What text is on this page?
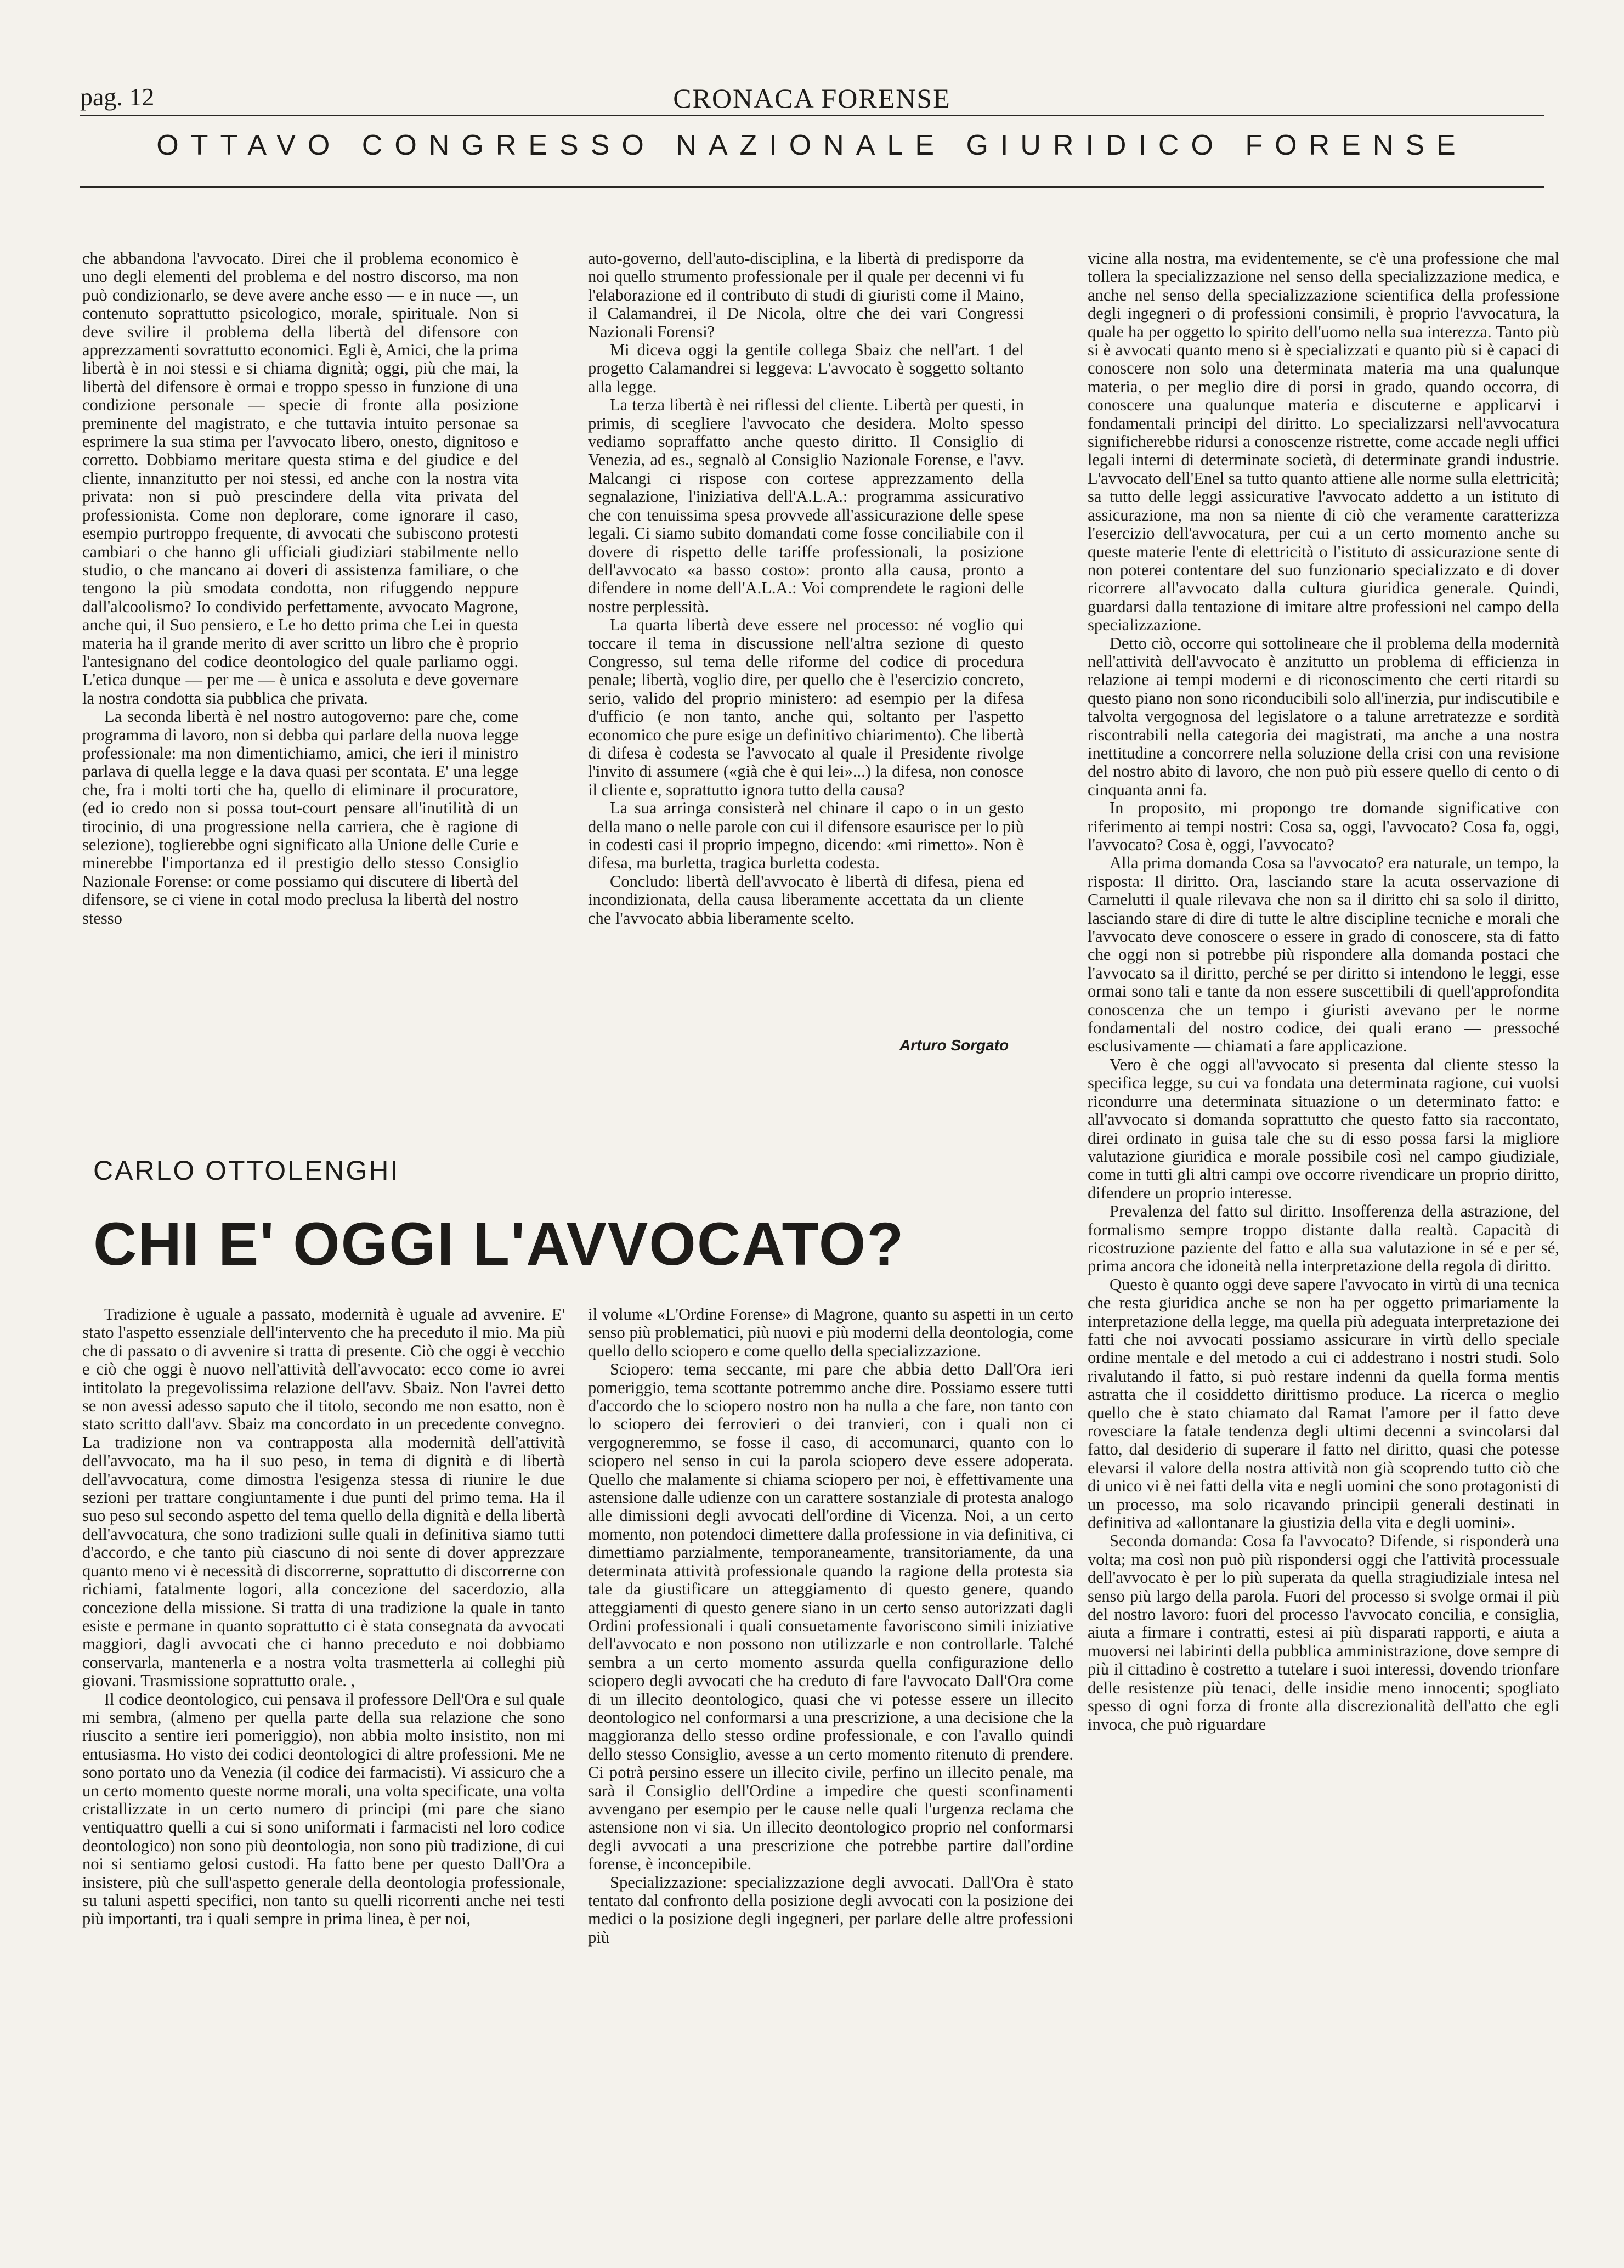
pag. 12	CRONACA FORENSE
OTTAVO CONGRESSO NAZIONALE GIURIDICO FORENSE

che abbandona l'avvocato. Direi che il problema economico è uno degli elementi del problema e del nostro discorso, ma non può condizionarlo, se deve avere anche esso — e in nuce —, un contenuto soprattutto psicologico, morale, spirituale. Non si deve svilire il problema della libertà del difensore con apprezzamenti sovrattutto economici. Egli è, Amici, che la prima libertà è in noi stessi e si chiama dignità; oggi, più che mai, la libertà del difensore è ormai e troppo spesso in funzione di una condizione personale — specie di fronte alla posizione preminente del magistrato, e che tuttavia intuito personae sa esprimere la sua stima per l'avvocato libero, onesto, dignitoso e corretto. Dobbiamo meritare questa stima e del giudice e del cliente, innanzitutto per noi stessi, ed anche con la nostra vita privata: non si può prescindere della vita privata del professionista. Come non deplorare, come ignorare il caso, esempio purtroppo frequente, di avvocati che subiscono protesti cambiari o che hanno gli ufficiali giudiziari stabilmente nello studio, o che mancano ai doveri di assistenza familiare, o che tengono la più smodata condotta, non rifuggendo neppure dall'alcoolismo? Io condivido perfettamente, avvocato Magrone, anche qui, il Suo pensiero, e Le ho detto prima che Lei in questa materia ha il grande merito di aver scritto un libro che è proprio l'antesignano del codice deontologico del quale parliamo oggi. L'etica dunque — per me — è unica e assoluta e deve governare la nostra condotta sia pubblica che privata.

La seconda libertà è nel nostro autogoverno: pare che, come programma di lavoro, non si debba qui parlare della nuova legge professionale: ma non dimentichiamo, amici, che ieri il ministro parlava di quella legge e la dava quasi per scontata. E' una legge che, fra i molti torti che ha, quello di eliminare il procuratore, (ed io credo non si possa tout-court pensare all'inutilità di un tirocinio, di una progressione nella carriera, che è ragione di selezione), toglierebbe ogni significato alla Unione delle Curie e minerebbe l'importanza ed il prestigio dello stesso Consiglio Nazionale Forense: or come possiamo qui discutere di libertà del difensore, se ci viene in cotal modo preclusa la libertà del nostro stesso

auto-governo, dell'auto-disciplina, e la libertà di predisporre da noi quello strumento professionale per il quale per decenni vi fu l'elaborazione ed il contributo di studi di giuristi come il Maino, il Calamandrei, il De Nicola, oltre che dei vari Congressi Nazionali Forensi?

Mi diceva oggi la gentile collega Sbaiz che nell'art. 1 del progetto Calamandrei si leggeva: L'avvocato è soggetto soltanto alla legge.

La terza libertà è nei riflessi del cliente. Libertà per questi, in primis, di scegliere l'avvocato che desidera. Molto spesso vediamo sopraffatto anche questo diritto. Il Consiglio di Venezia, ad es., segnalò al Consiglio Nazionale Forense, e l'avv. Malcangi ci rispose con cortese apprezzamento della segnalazione, l'iniziativa dell'A.L.A.: programma assicurativo che con tenuissima spesa provvede all'assicurazione delle spese legali. Ci siamo subito domandati come fosse conciliabile con il dovere di rispetto delle tariffe professionali, la posizione dell'avvocato «a basso costo»: pronto alla causa, pronto a difendere in nome dell'A.L.A.: Voi comprendete le ragioni delle nostre perplessità.

La quarta libertà deve essere nel processo: né voglio qui toccare il tema in discussione nell'altra sezione di questo Congresso, sul tema delle riforme del codice di procedura penale; libertà, voglio dire, per quello che è l'esercizio concreto, serio, valido del proprio ministero: ad esempio per la difesa d'ufficio (e non tanto, anche qui, soltanto per l'aspetto economico che pure esige un definitivo chiarimento). Che libertà di difesa è codesta se l'avvocato al quale il Presidente rivolge l'invito di assumere («già che è qui lei»...) la difesa, non conosce il cliente e, soprattutto ignora tutto della causa?

La sua arringa consisterà nel chinare il capo o in un gesto della mano o nelle parole con cui il difensore esaurisce per lo più in codesti casi il proprio impegno, dicendo: «mi rimetto». Non è difesa, ma burletta, tragica burletta codesta.

Concludo: libertà dell'avvocato è libertà di difesa, piena ed incondizionata, della causa liberamente accettata da un cliente che l'avvocato abbia liberamente scelto.

Arturo Sorgato
CARLO OTTOLENGHI
CHI E' OGGI L'AVVOCATO?

Tradizione è uguale a passato, modernità è uguale ad avvenire. E' stato l'aspetto essenziale dell'intervento che ha preceduto il mio. Ma più che di passato o di avvenire si tratta di presente. Ciò che oggi è vecchio e ciò che oggi è nuovo nell'attività dell'avvocato: ecco come io avrei intitolato la pregevolissima relazione dell'avv. Sbaiz. Non l'avrei detto se non avessi adesso saputo che il titolo, secondo me non esatto, non è stato scritto dall'avv. Sbaiz ma concordato in un precedente convegno. La tradizione non va contrapposta alla modernità dell'attività dell'avvocato, ma ha il suo peso, in tema di dignità e di libertà dell'avvocatura, come dimostra l'esigenza stessa di riunire le due sezioni per trattare congiuntamente i due punti del primo tema. Ha il suo peso sul secondo aspetto del tema quello della dignità e della libertà dell'avvocatura, che sono tradizioni sulle quali in definitiva siamo tutti d'accordo, e che tanto più ciascuno di noi sente di dover apprezzare quanto meno vi è necessità di discorrerne, soprattutto di discorrerne con richiami, fatalmente logori, alla concezione del sacerdozio, alla concezione della missione. Si tratta di una tradizione la quale in tanto esiste e permane in quanto soprattutto ci è stata consegnata da avvocati maggiori, dagli avvocati che ci hanno preceduto e noi dobbiamo conservarla, mantenerla e a nostra volta trasmetterla ai colleghi più giovani. Trasmissione soprattutto orale. ,

Il codice deontologico, cui pensava il professore Dell'Ora e sul quale mi sembra, (almeno per quella parte della sua relazione che sono riuscito a sentire ieri pomeriggio), non abbia molto insistito, non mi entusiasma. Ho visto dei codici deontologici di altre professioni. Me ne sono portato uno da Venezia (il codice dei farmacisti). Vi assicuro che a un certo momento queste norme morali, una volta specificate, una volta cristallizzate in un certo numero di principi (mi pare che siano ventiquattro quelli a cui si sono uniformati i farmacisti nel loro codice deontologico) non sono più deontologia, non sono più tradizione, di cui noi si sentiamo gelosi custodi. Ha fatto bene per questo Dall'Ora a insistere, più che sull'aspetto generale della deontologia professionale, su taluni aspetti specifici, non tanto su quelli ricorrenti anche nei testi più importanti, tra i quali sempre in prima linea, è per noi,

il volume «L'Ordine Forense» di Magrone, quanto su aspetti in un certo senso più problematici, più nuovi e più moderni della deontologia, come quello dello sciopero e come quello della specializzazione.

Sciopero: tema seccante, mi pare che abbia detto Dall'Ora ieri pomeriggio, tema scottante potremmo anche dire. Possiamo essere tutti d'accordo che lo sciopero nostro non ha nulla a che fare, non tanto con lo sciopero dei ferrovieri o dei tranvieri, con i quali non ci vergogneremmo, se fosse il caso, di accomunarci, quanto con lo sciopero nel senso in cui la parola sciopero deve essere adoperata. Quello che malamente si chiama sciopero per noi, è effettivamente una astensione dalle udienze con un carattere sostanziale di protesta analogo alle dimissioni degli avvocati dell'ordine di Vicenza. Noi, a un certo momento, non potendoci dimettere dalla professione in via definitiva, ci dimettiamo parzialmente, temporaneamente, transitoriamente, da una determinata attività professionale quando la ragione della protesta sia tale da giustificare un atteggiamento di questo genere, quando atteggiamenti di questo genere siano in un certo senso autorizzati dagli Ordini professionali i quali consuetamente favoriscono simili iniziative dell'avvocato e non possono non utilizzarle e non controllarle. Talché sembra a un certo momento assurda quella configurazione dello sciopero degli avvocati che ha creduto di fare l'avvocato Dall'Ora come di un illecito deontologico, quasi che vi potesse essere un illecito deontologico nel conformarsi a una prescrizione, a una decisione che la maggioranza dello stesso ordine professionale, e con l'avallo quindi dello stesso Consiglio, avesse a un certo momento ritenuto di prendere. Ci potrà persino essere un illecito civile, perfino un illecito penale, ma sarà il Consiglio dell'Ordine a impedire che questi sconfinamenti avvengano per esempio per le cause nelle quali l'urgenza reclama che astensione non vi sia. Un illecito deontologico proprio nel conformarsi degli avvocati a una prescrizione che potrebbe partire dall'ordine forense, è inconcepibile.

Specializzazione: specializzazione degli avvocati. Dall'Ora è stato tentato dal confronto della posizione degli avvocati con la posizione dei medici o la posizione degli ingegneri, per parlare delle altre professioni più

vicine alla nostra, ma evidentemente, se c'è una professione che mal tollera la specializzazione nel senso della specializzazione medica, e anche nel senso della specializzazione scientifica della professione degli ingegneri o di professioni consimili, è proprio l'avvocatura, la quale ha per oggetto lo spirito dell'uomo nella sua interezza. Tanto più si è avvocati quanto meno si è specializzati e quanto più si è capaci di conoscere non solo una determinata materia ma una qualunque materia, o per meglio dire di porsi in grado, quando occorra, di conoscere una qualunque materia e discuterne e applicarvi i fondamentali principi del diritto. Lo specializzarsi nell'avvocatura significherebbe ridursi a conoscenze ristrette, come accade negli uffici legali interni di determinate società, di determinate grandi industrie. L'avvocato dell'Enel sa tutto quanto attiene alle norme sulla elettricità; sa tutto delle leggi assicurative l'avvocato addetto a un istituto di assicurazione, ma non sa niente di ciò che veramente caratterizza l'esercizio dell'avvocatura, per cui a un certo momento anche su queste materie l'ente di elettricità o l'istituto di assicurazione sente di non poterei contentare del suo funzionario specializzato e di dover ricorrere all'avvocato dalla cultura giuridica generale. Quindi, guardarsi dalla tentazione di imitare altre professioni nel campo della specializzazione.

Detto ciò, occorre qui sottolineare che il problema della modernità nell'attività dell'avvocato è anzitutto un problema di efficienza in relazione ai tempi moderni e di riconoscimento che certi ritardi su questo piano non sono riconducibili solo all'inerzia, pur indiscutibile e talvolta vergognosa del legislatore o a talune arretratezze e sordità riscontrabili nella categoria dei magistrati, ma anche a una nostra inettitudine a concorrere nella soluzione della crisi con una revisione del nostro abito di lavoro, che non può più essere quello di cento o di cinquanta anni fa.

In proposito, mi propongo tre domande significative con riferimento ai tempi nostri: Cosa sa, oggi, l'avvocato? Cosa fa, oggi, l'avvocato? Cosa è, oggi, l'avvocato?

Alla prima domanda Cosa sa l'avvocato? era naturale, un tempo, la risposta: Il diritto. Ora, lasciando stare la acuta osservazione di Carnelutti il quale rilevava che non sa il diritto chi sa solo il diritto, lasciando stare di dire di tutte le altre discipline tecniche e morali che l'avvocato deve conoscere o essere in grado di conoscere, sta di fatto che oggi non si potrebbe più rispondere alla domanda postaci che l'avvocato sa il diritto, perché se per diritto si intendono le leggi, esse ormai sono tali e tante da non essere suscettibili di quell'approfondita conoscenza che un tempo i giuristi avevano per le norme fondamentali del nostro codice, dei quali erano — pressoché esclusivamente — chiamati a fare applicazione.

Vero è che oggi all'avvocato si presenta dal cliente stesso la specifica legge, su cui va fondata una determinata ragione, cui vuolsi ricondurre una determinata situazione o un determinato fatto: e all'avvocato si domanda soprattutto che questo fatto sia raccontato, direi ordinato in guisa tale che su di esso possa farsi la migliore valutazione giuridica e morale possibile così nel campo giudiziale, come in tutti gli altri campi ove occorre rivendicare un proprio diritto, difendere un proprio interesse.

Prevalenza del fatto sul diritto. Insofferenza della astrazione, del formalismo sempre troppo distante dalla realtà. Capacità di ricostruzione paziente del fatto e alla sua valutazione in sé e per sé, prima ancora che idoneità nella interpretazione della regola di diritto.

Questo è quanto oggi deve sapere l'avvocato in virtù di una tecnica che resta giuridica anche se non ha per oggetto primariamente la interpretazione della legge, ma quella più adeguata interpretazione dei fatti che noi avvocati possiamo assicurare in virtù dello speciale ordine mentale e del metodo a cui ci addestrano i nostri studi. Solo rivalutando il fatto, si può restare indenni da quella forma mentis astratta che il cosiddetto dirittismo produce. La ricerca o meglio quello che è stato chiamato dal Ramat l'amore per il fatto deve rovesciare la fatale tendenza degli ultimi decenni a svincolarsi dal fatto, dal desiderio di superare il fatto nel diritto, quasi che potesse elevarsi il valore della nostra attività non già scoprendo tutto ciò che di unico vi è nei fatti della vita e negli uomini che sono protagonisti di un processo, ma solo ricavando principii generali destinati in definitiva ad «allontanare la giustizia della vita e degli uomini».

Seconda domanda: Cosa fa l'avvocato? Difende, si risponderà una volta; ma così non può più rispondersi oggi che l'attività processuale dell'avvocato è per lo più superata da quella stragiudiziale intesa nel senso più largo della parola. Fuori del processo si svolge ormai il più del nostro lavoro: fuori del processo l'avvocato concilia, e consiglia, aiuta a firmare i contratti, estesi ai più disparati rapporti, e aiuta a muoversi nei labirinti della pubblica amministrazione, dove sempre di più il cittadino è costretto a tutelare i suoi interessi, dovendo trionfare delle resistenze più tenaci, delle insidie meno innocenti; spogliato spesso di ogni forza di fronte alla discrezionalità dell'atto che egli invoca, che può riguardare
